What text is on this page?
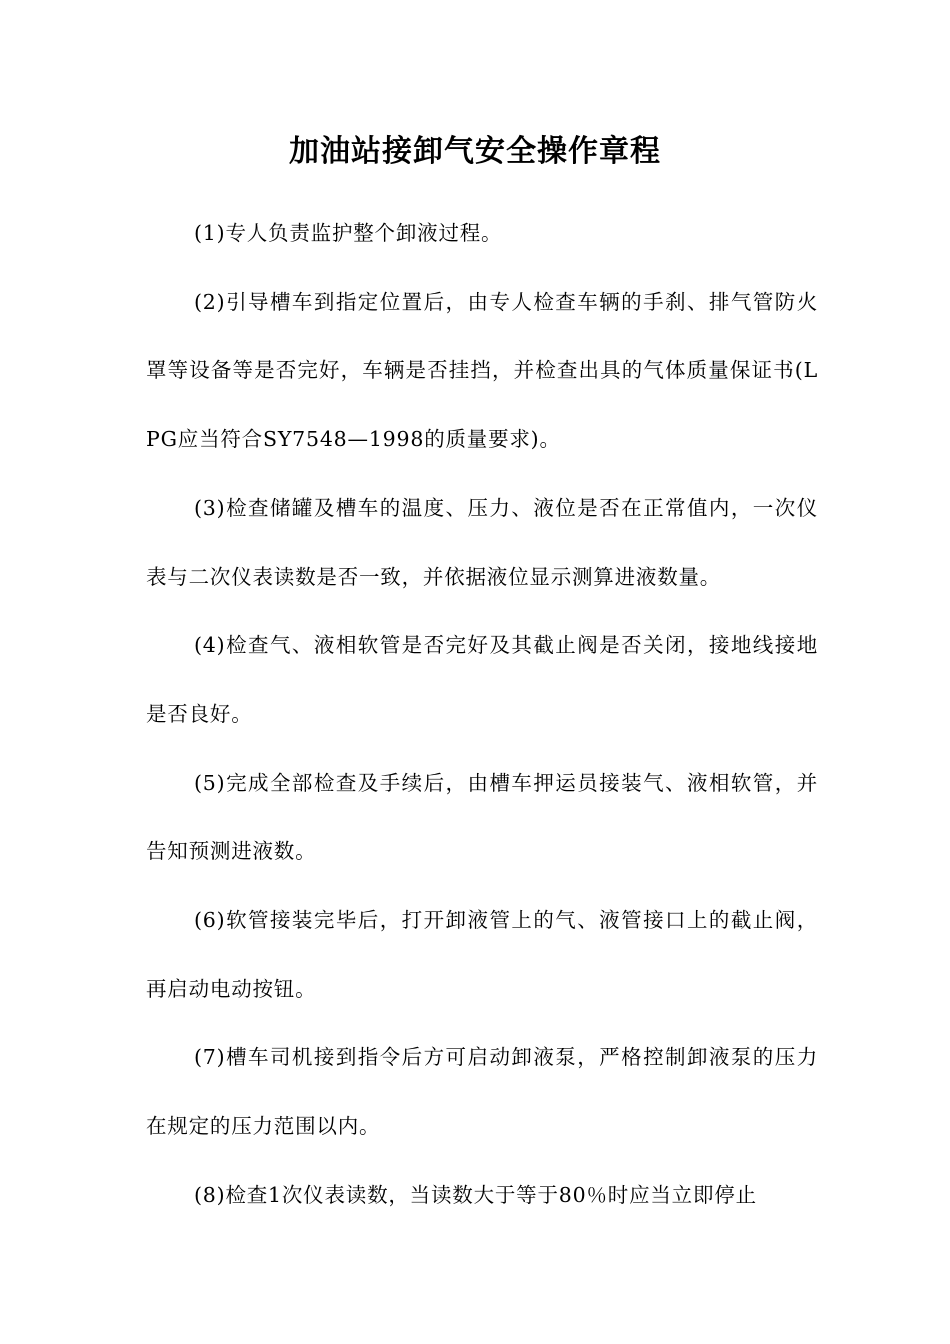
加油站接卸气安全操作章程

(1)专人负责监护整个卸液过程。

(2)引导槽车到指定位置后，由专人检查车辆的手刹、排气管防火罩等设备等是否完好，车辆是否挂挡，并检查出具的气体质量保证书(LPG应当符合SY7548—1998的质量要求)。

(3)检查储罐及槽车的温度、压力、液位是否在正常值内，一次仪表与二次仪表读数是否一致，并依据液位显示测算进液数量。

(4)检查气、液相软管是否完好及其截止阀是否关闭，接地线接地是否良好。

(5)完成全部检查及手续后，由槽车押运员接装气、液相软管，并告知预测进液数。

(6)软管接装完毕后，打开卸液管上的气、液管接口上的截止阀，再启动电动按钮。

(7)槽车司机接到指令后方可启动卸液泵，严格控制卸液泵的压力在规定的压力范围以内。

(8)检查1次仪表读数，当读数大于等于80％时应当立即停止
